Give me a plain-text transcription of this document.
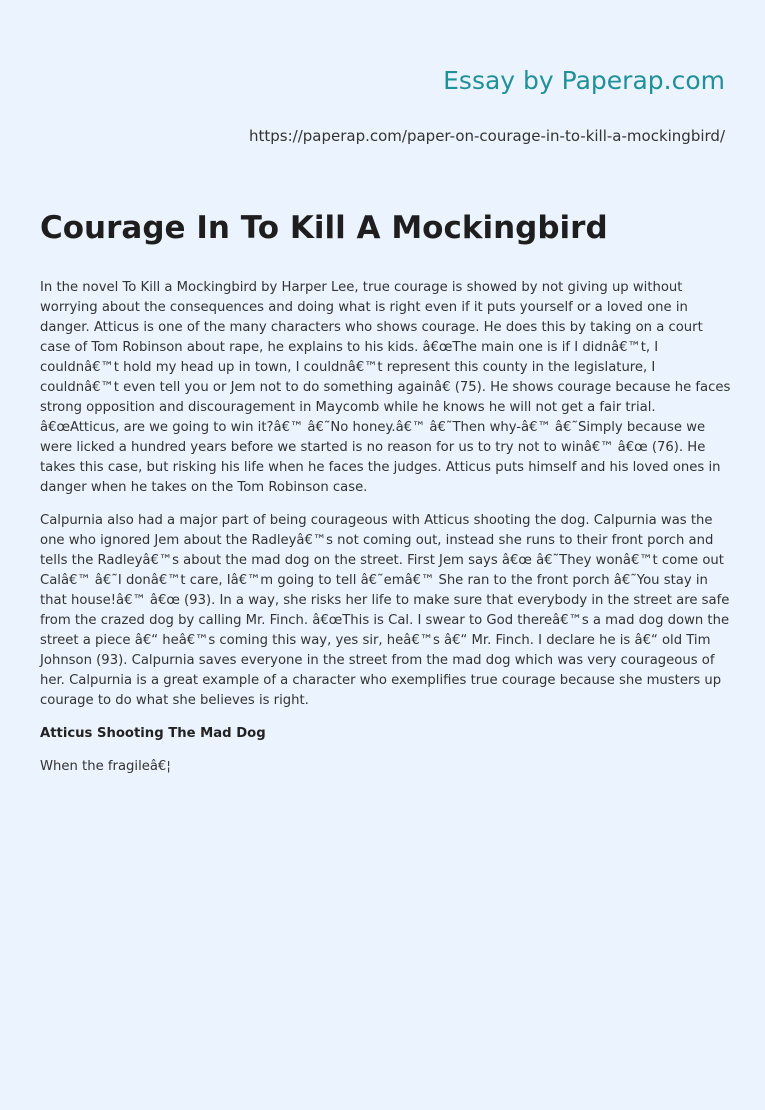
Essay by Paperap.com
https://paperap.com/paper-on-courage-in-to-kill-a-mockingbird/
Courage In To Kill A Mockingbird

In the novel To Kill a Mockingbird by Harper Lee, true courage is showed by not giving up without worrying about the consequences and doing what is right even if it puts yourself or a loved one in danger. Atticus is one of the many characters who shows courage. He does this by taking on a court case of Tom Robinson about rape, he explains to his kids. â€œThe main one is if I didnâ€™t, I couldnâ€™t hold my head up in town, I couldnâ€™t represent this county in the legislature, I couldnâ€™t even tell you or Jem not to do something againâ€ (75). He shows courage because he faces strong opposition and discouragement in Maycomb while he knows he will not get a fair trial. â€œAtticus, are we going to win it?â€™ â€˜No honey.â€™ â€˜Then why-â€™ â€˜Simply because we were licked a hundred years before we started is no reason for us to try not to winâ€™ â€œ (76). He takes this case, but risking his life when he faces the judges. Atticus puts himself and his loved ones in danger when he takes on the Tom Robinson case.

Calpurnia also had a major part of being courageous with Atticus shooting the dog. Calpurnia was the one who ignored Jem about the Radleyâ€™s not coming out, instead she runs to their front porch and tells the Radleyâ€™s about the mad dog on the street. First Jem says â€œ â€˜They wonâ€™t come out Calâ€™ â€˜I donâ€™t care, Iâ€™m going to tell â€˜emâ€™ She ran to the front porch â€˜You stay in that house!â€™ â€œ (93). In a way, she risks her life to make sure that everybody in the street are safe from the crazed dog by calling Mr. Finch. â€œThis is Cal. I swear to God thereâ€™s a mad dog down the street a piece â€“ heâ€™s coming this way, yes sir, heâ€™s â€“ Mr. Finch. I declare he is â€“ old Tim Johnson (93). Calpurnia saves everyone in the street from the mad dog which was very courageous of her. Calpurnia is a great example of a character who exemplifies true courage because she musters up courage to do what she believes is right.

Atticus Shooting The Mad Dog

When the fragileâ€¦
